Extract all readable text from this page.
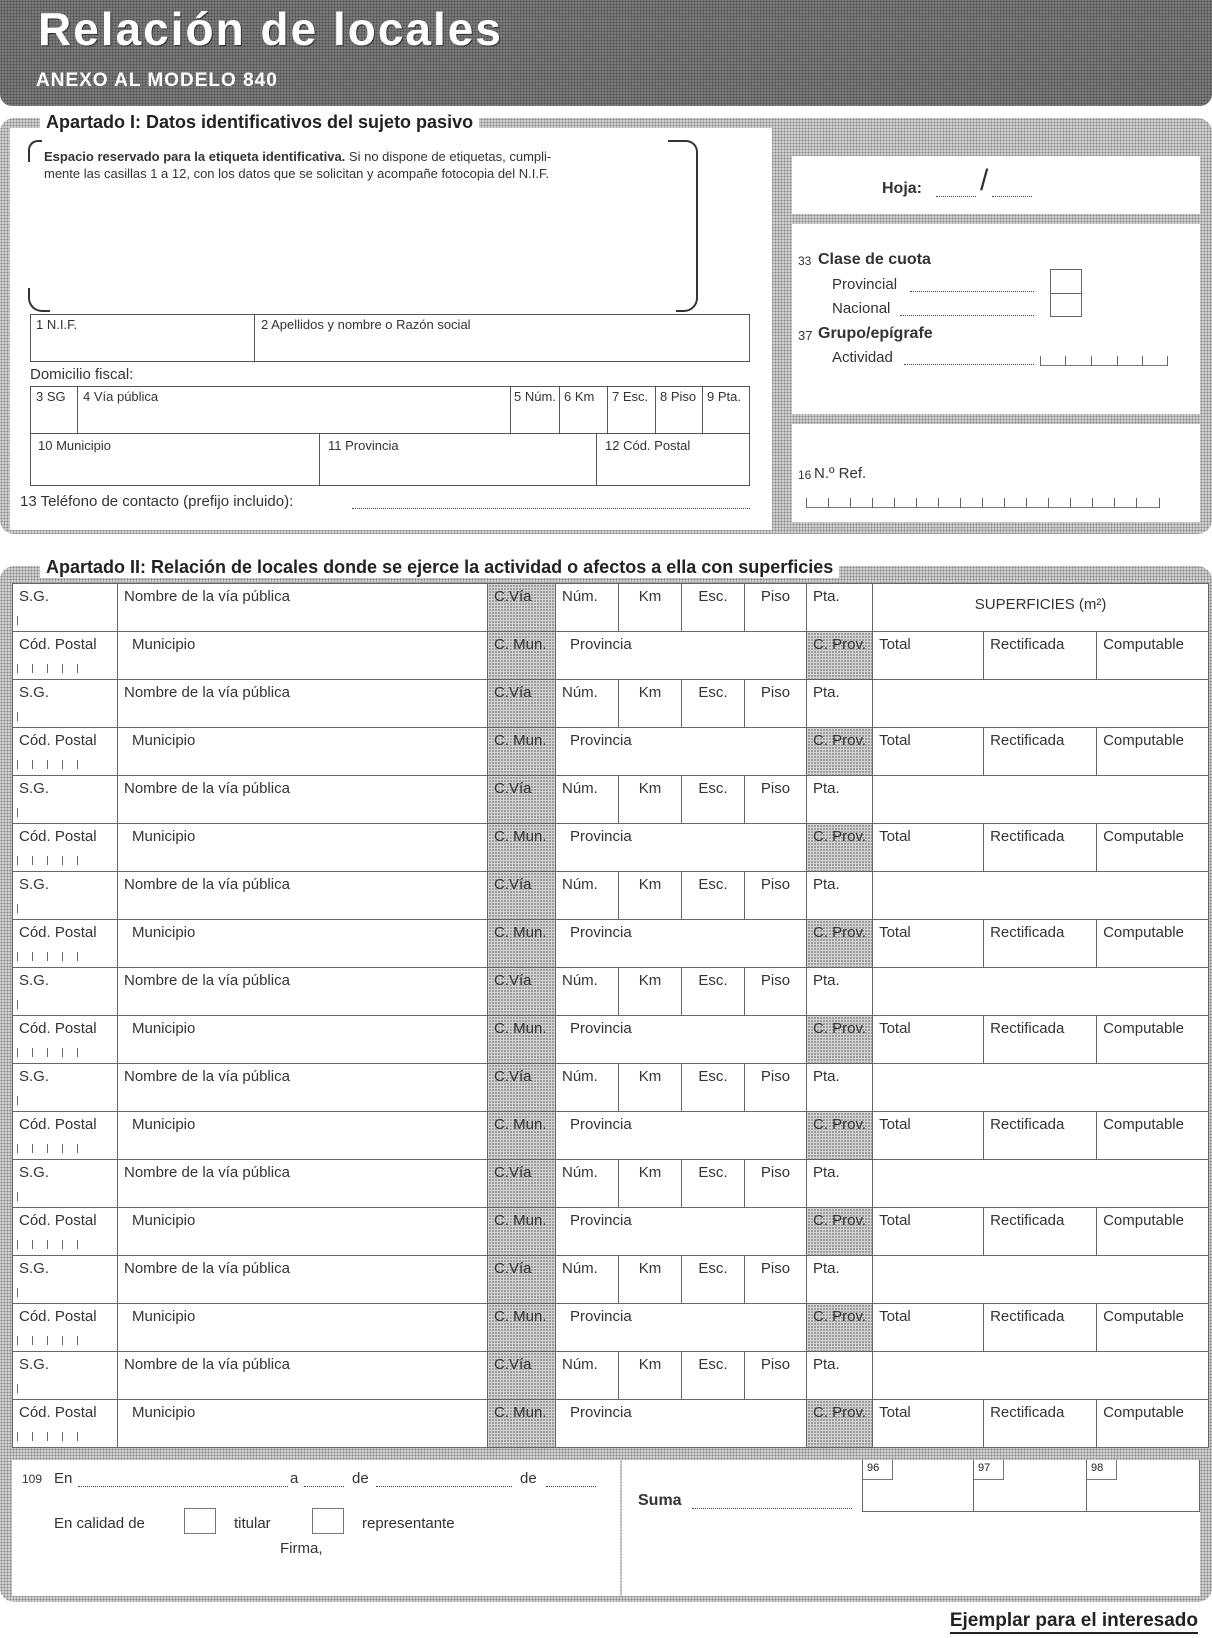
Relación de locales
ANEXO AL MODELO 840
Apartado I: Datos identificativos del sujeto pasivo
Espacio reservado para la etiqueta identificativa. Si no dispone de etiquetas, cumpli-
mente las casillas 1 a 12, con los datos que se solicitan y acompañe fotocopia del N.I.F.
1 N.I.F.	2 Apellidos y nombre o Razón social
Domicilio fiscal:
3 SG 4 Vía pública	5 Núm. 6 Km 7 Esc. 8 Piso 9 Pta.
10 Municipio	11 Provincia	12 Cód. Postal
13 Teléfono de contacto (prefijo incluido):
Hoja: /
33 Clase de cuota
Provincial
Nacional
37 Grupo/epígrafe
Actividad
16 N.º Ref.
Apartado II: Relación de locales donde se ejerce la actividad o afectos a ella con superficies
S.G.	Nombre de la vía pública	C.Vía	Núm.	Km	Esc.	Piso	Pta.	SUPERFICIES (m²)		
Cód. Postal	Municipio	C. Mun.	Provincia				C. Prov.	Total	Rectificada	Computable
S.G.	Nombre de la vía pública	C.Vía	Núm.	Km	Esc.	Piso	Pta.			
Cód. Postal	Municipio	C. Mun.	Provincia				C. Prov.	Total	Rectificada	Computable
S.G.	Nombre de la vía pública	C.Vía	Núm.	Km	Esc.	Piso	Pta.			
Cód. Postal	Municipio	C. Mun.	Provincia				C. Prov.	Total	Rectificada	Computable
S.G.	Nombre de la vía pública	C.Vía	Núm.	Km	Esc.	Piso	Pta.			
Cód. Postal	Municipio	C. Mun.	Provincia				C. Prov.	Total	Rectificada	Computable
S.G.	Nombre de la vía pública	C.Vía	Núm.	Km	Esc.	Piso	Pta.			
Cód. Postal	Municipio	C. Mun.	Provincia				C. Prov.	Total	Rectificada	Computable
S.G.	Nombre de la vía pública	C.Vía	Núm.	Km	Esc.	Piso	Pta.			
Cód. Postal	Municipio	C. Mun.	Provincia				C. Prov.	Total	Rectificada	Computable
S.G.	Nombre de la vía pública	C.Vía	Núm.	Km	Esc.	Piso	Pta.			
Cód. Postal	Municipio	C. Mun.	Provincia				C. Prov.	Total	Rectificada	Computable
S.G.	Nombre de la vía pública	C.Vía	Núm.	Km	Esc.	Piso	Pta.			
Cód. Postal	Municipio	C. Mun.	Provincia				C. Prov.	Total	Rectificada	Computable
S.G.	Nombre de la vía pública	C.Vía	Núm.	Km	Esc.	Piso	Pta.			
Cód. Postal	Municipio	C. Mun.	Provincia				C. Prov.	Total	Rectificada	Computable
109 En	a	de	de
En calidad de	titular	representante
Firma,
Suma
96	97	98
Ejemplar para el interesado
